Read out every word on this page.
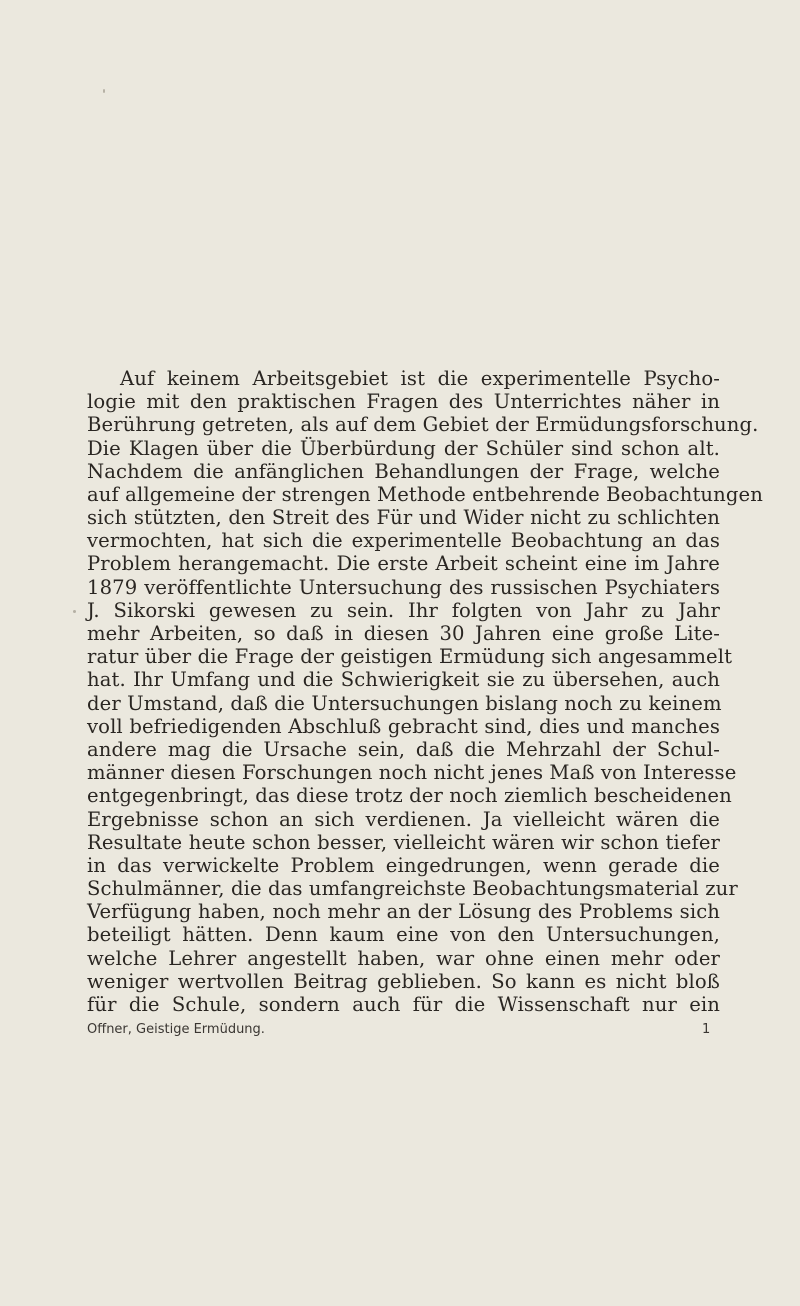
Auf keinem Arbeitsgebiet ist die experimentelle Psycho-
logie mit den praktischen Fragen des Unterrichtes näher in
Berührung getreten, als auf dem Gebiet der Ermüdungsforschung.
Die Klagen über die Überbürdung der Schüler sind schon alt.
Nachdem die anfänglichen Behandlungen der Frage, welche
auf allgemeine der strengen Methode entbehrende Beobachtungen
sich stützten, den Streit des Für und Wider nicht zu schlichten
vermochten, hat sich die experimentelle Beobachtung an das
Problem herangemacht. Die erste Arbeit scheint eine im Jahre
1879 veröffentlichte Untersuchung des russischen Psychiaters
J. Sikorski gewesen zu sein. Ihr folgten von Jahr zu Jahr
mehr Arbeiten, so daß in diesen 30 Jahren eine große Lite-
ratur über die Frage der geistigen Ermüdung sich angesammelt
hat. Ihr Umfang und die Schwierigkeit sie zu übersehen, auch
der Umstand, daß die Untersuchungen bislang noch zu keinem
voll befriedigenden Abschluß gebracht sind, dies und manches
andere mag die Ursache sein, daß die Mehrzahl der Schul-
männer diesen Forschungen noch nicht jenes Maß von Interesse
entgegenbringt, das diese trotz der noch ziemlich bescheidenen
Ergebnisse schon an sich verdienen. Ja vielleicht wären die
Resultate heute schon besser, vielleicht wären wir schon tiefer
in das verwickelte Problem eingedrungen, wenn gerade die
Schulmänner, die das umfangreichste Beobachtungsmaterial zur
Verfügung haben, noch mehr an der Lösung des Problems sich
beteiligt hätten. Denn kaum eine von den Untersuchungen,
welche Lehrer angestellt haben, war ohne einen mehr oder
weniger wertvollen Beitrag geblieben. So kann es nicht bloß
für die Schule, sondern auch für die Wissenschaft nur ein
Offner, Geistige Ermüdung.	1
